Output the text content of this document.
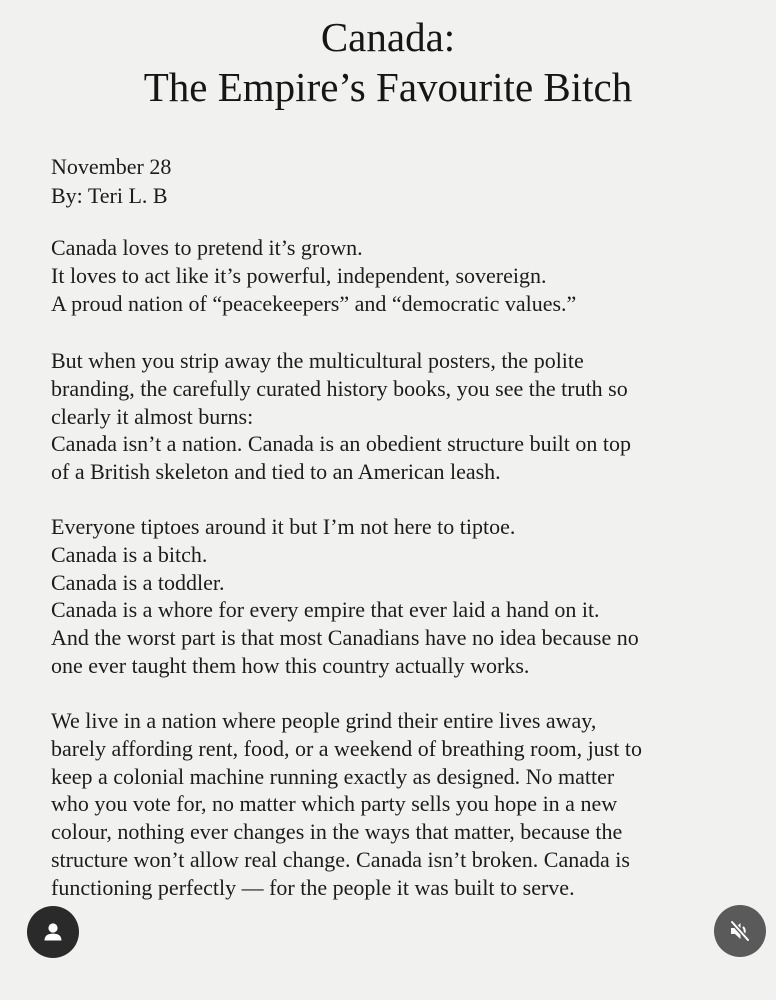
Canada:
The Empire’s Favourite Bitch
November 28
By: Teri L. B
Canada loves to pretend it’s grown.
It loves to act like it’s powerful, independent, sovereign.
A proud nation of “peacekeepers” and “democratic values.”
But when you strip away the multicultural posters, the polite
branding, the carefully curated history books, you see the truth so
clearly it almost burns:
Canada isn’t a nation. Canada is an obedient structure built on top
of a British skeleton and tied to an American leash.
Everyone tiptoes around it but I’m not here to tiptoe.
Canada is a bitch.
Canada is a toddler.
Canada is a whore for every empire that ever laid a hand on it.
And the worst part is that most Canadians have no idea because no
one ever taught them how this country actually works.
We live in a nation where people grind their entire lives away,
barely affording rent, food, or a weekend of breathing room, just to
keep a colonial machine running exactly as designed. No matter
who you vote for, no matter which party sells you hope in a new
colour, nothing ever changes in the ways that matter, because the
structure won’t allow real change. Canada isn’t broken. Canada is
functioning perfectly — for the people it was built to serve.
